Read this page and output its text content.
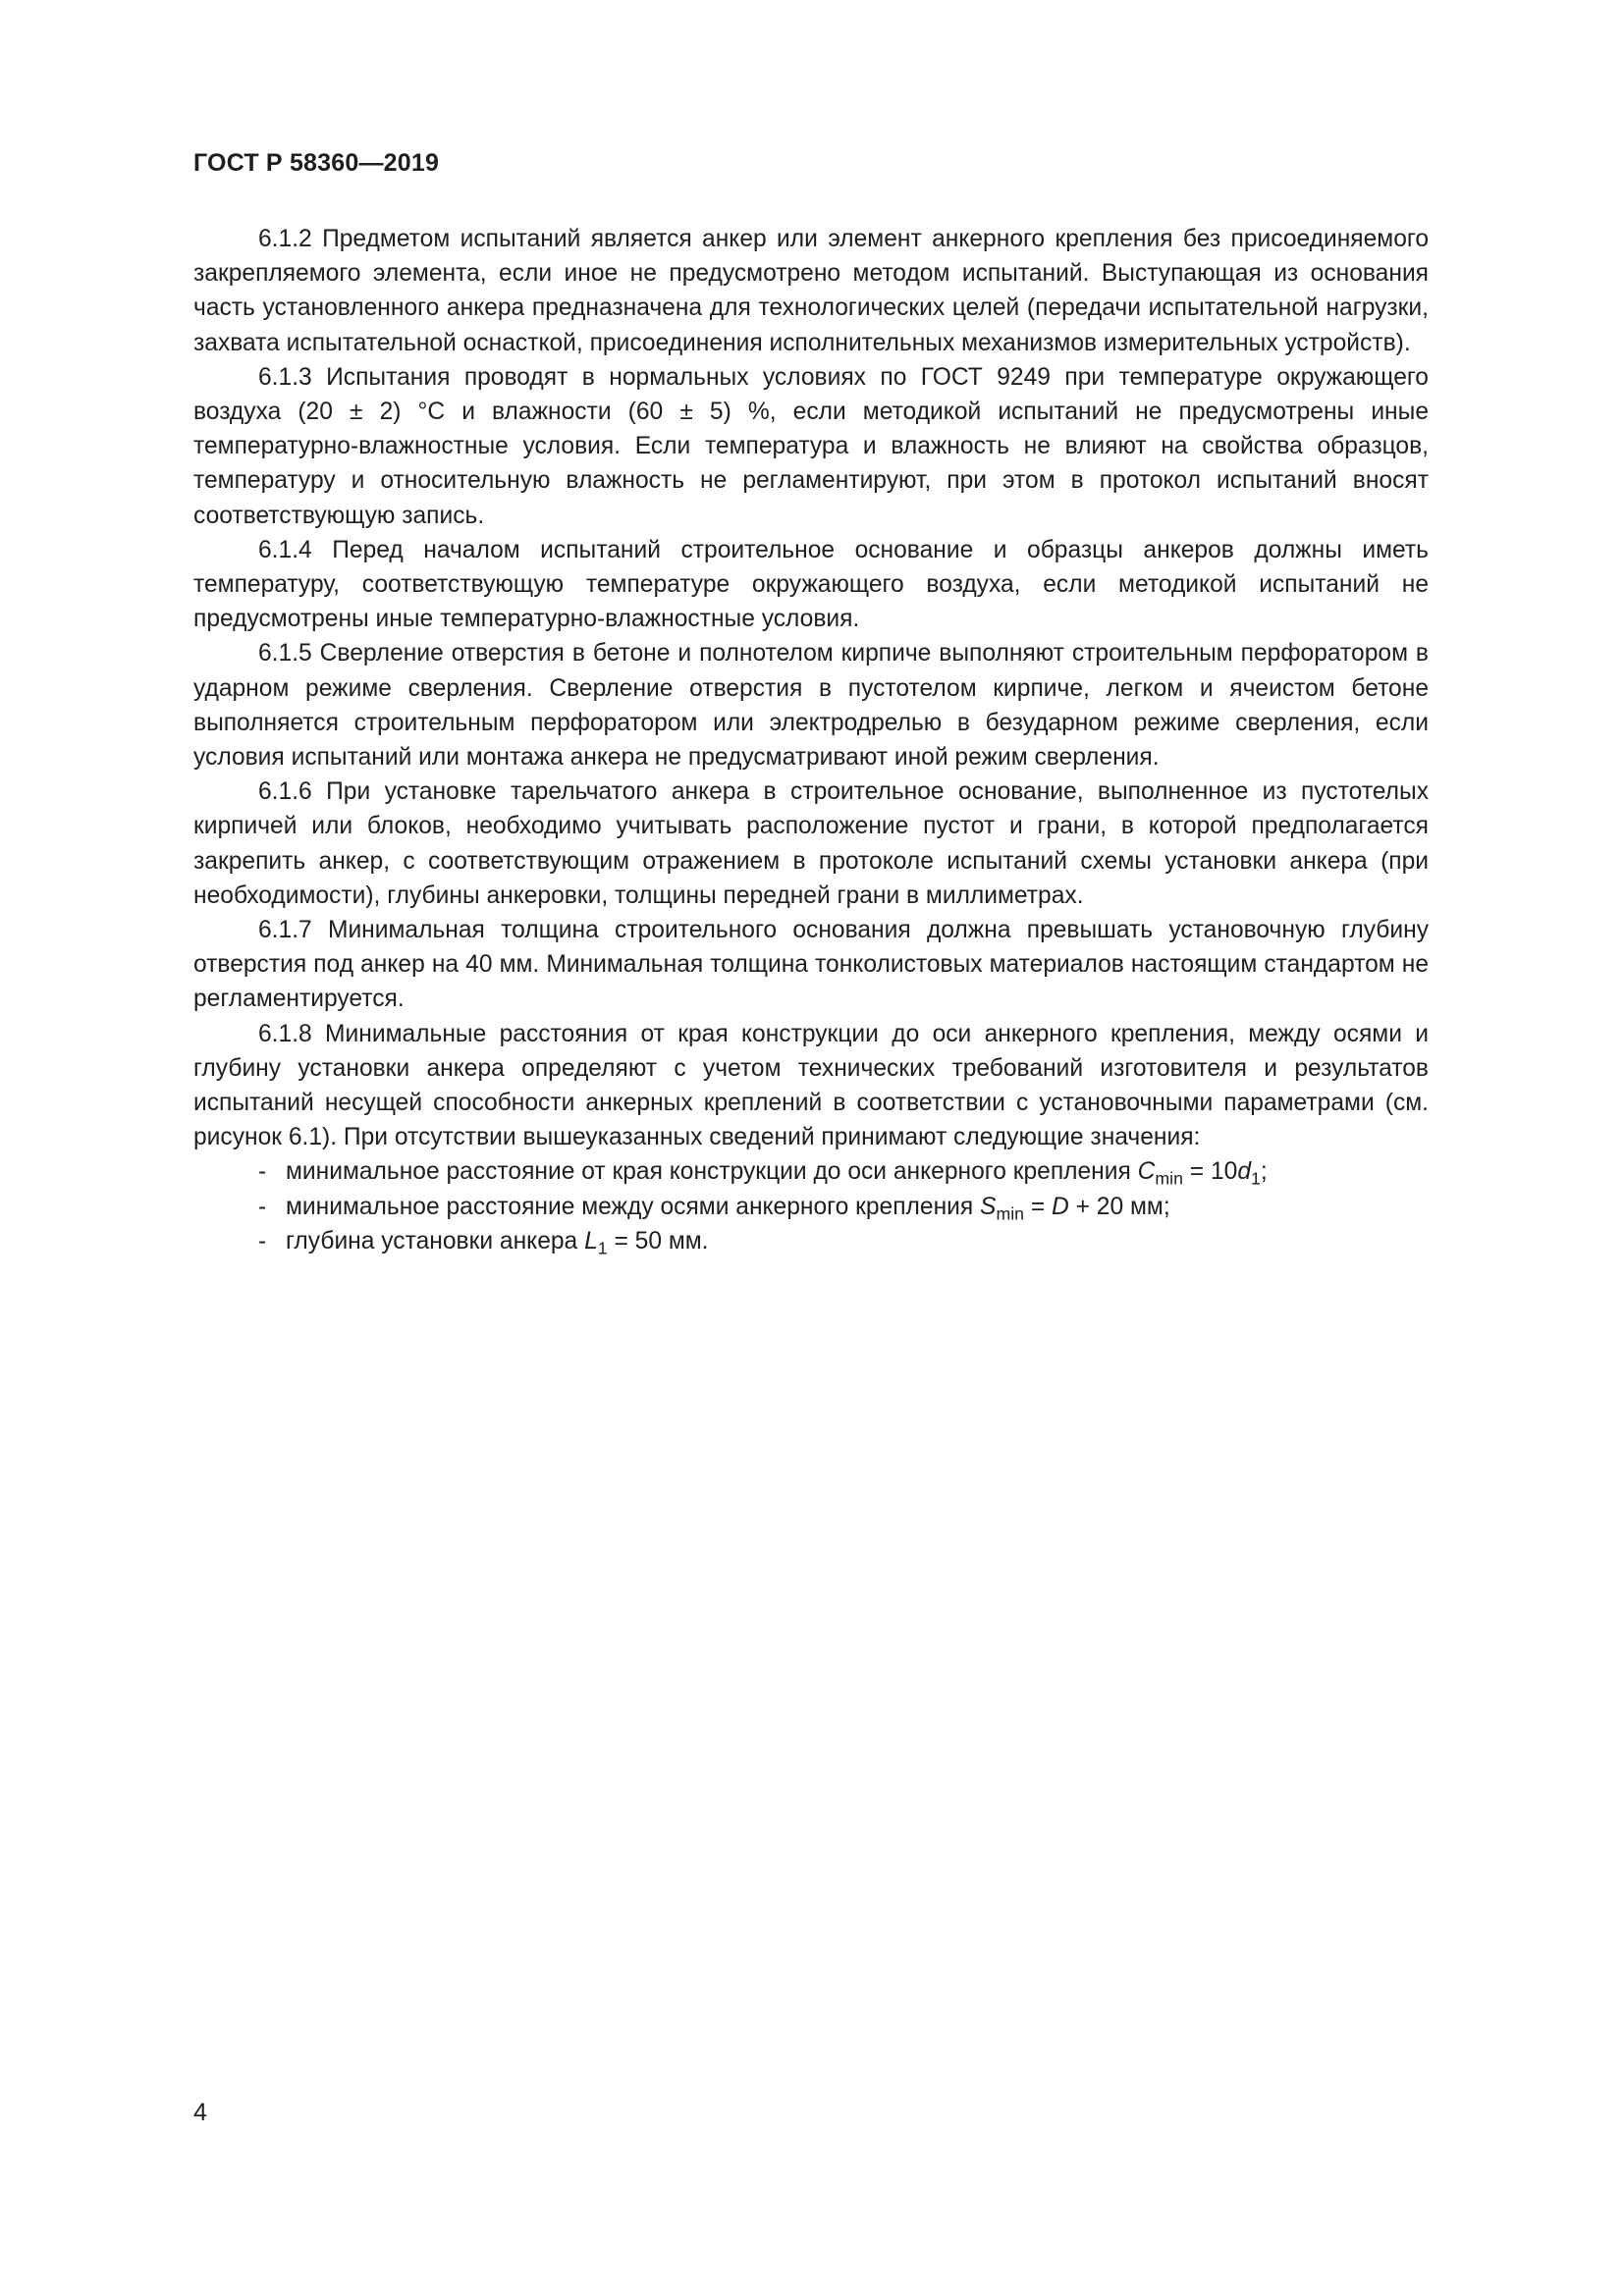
ГОСТ Р 58360—2019

6.1.2 Предметом испытаний является анкер или элемент анкерного крепления без присоединяемого закрепляемого элемента, если иное не предусмотрено методом испытаний. Выступающая из основания часть установленного анкера предназначена для технологических целей (передачи испытательной нагрузки, захвата испытательной оснасткой, присоединения исполнительных механизмов измерительных устройств).

6.1.3 Испытания проводят в нормальных условиях по ГОСТ 9249 при температуре окружающего воздуха (20 ± 2) °С и влажности (60 ± 5) %, если методикой испытаний не предусмотрены иные температурно-влажностные условия. Если температура и влажность не влияют на свойства образцов, температуру и относительную влажность не регламентируют, при этом в протокол испытаний вносят соответствующую запись.

6.1.4 Перед началом испытаний строительное основание и образцы анкеров должны иметь температуру, соответствующую температуре окружающего воздуха, если методикой испытаний не предусмотрены иные температурно-влажностные условия.

6.1.5 Сверление отверстия в бетоне и полнотелом кирпиче выполняют строительным перфоратором в ударном режиме сверления. Сверление отверстия в пустотелом кирпиче, легком и ячеистом бетоне выполняется строительным перфоратором или электродрелью в безударном режиме сверления, если условия испытаний или монтажа анкера не предусматривают иной режим сверления.

6.1.6 При установке тарельчатого анкера в строительное основание, выполненное из пустотелых кирпичей или блоков, необходимо учитывать расположение пустот и грани, в которой предполагается закрепить анкер, с соответствующим отражением в протоколе испытаний схемы установки анкера (при необходимости), глубины анкеровки, толщины передней грани в миллиметрах.

6.1.7 Минимальная толщина строительного основания должна превышать установочную глубину отверстия под анкер на 40 мм. Минимальная толщина тонколистовых материалов настоящим стандартом не регламентируется.

6.1.8 Минимальные расстояния от края конструкции до оси анкерного крепления, между осями и глубину установки анкера определяют с учетом технических требований изготовителя и результатов испытаний несущей способности анкерных креплений в соответствии с установочными параметрами (см. рисунок 6.1). При отсутствии вышеуказанных сведений принимают следующие значения:

- минимальное расстояние от края конструкции до оси анкерного крепления $C_{min} = 10d_1$;
- минимальное расстояние между осями анкерного крепления $S_{min} = D + 20$ мм;
- глубина установки анкера $L_1 = 50$ мм.
4
